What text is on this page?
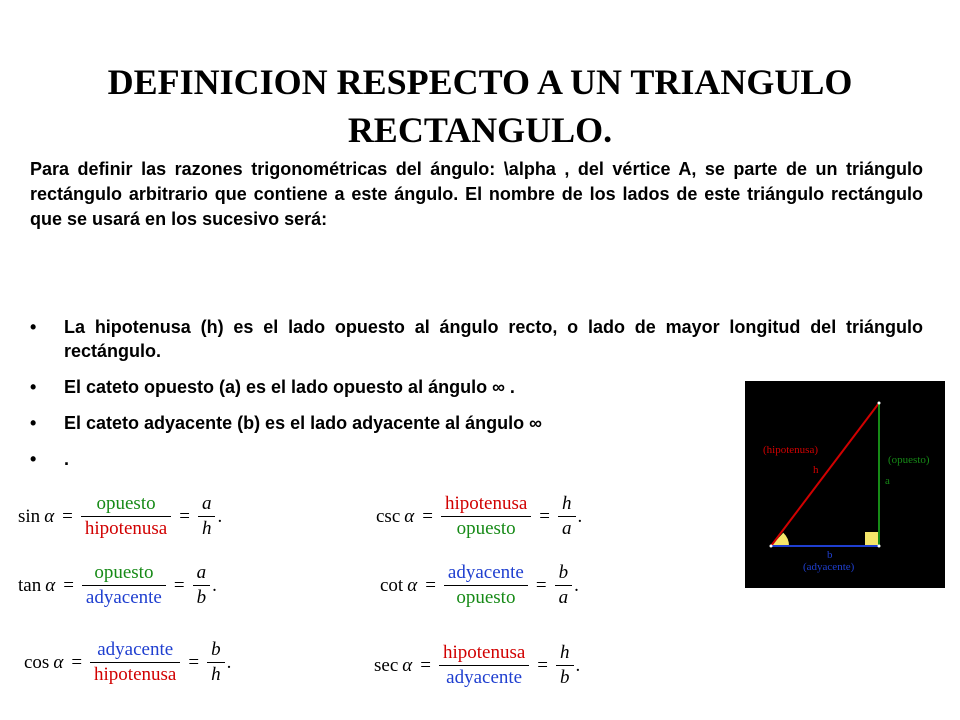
DEFINICION RESPECTO A UN TRIANGULO
RECTANGULO.
Para definir las razones trigonométricas del ángulo: \alpha , del vértice A, se parte de un triángulo rectángulo arbitrario que contiene a este ángulo. El nombre de los lados de este triángulo rectángulo que se usará en los sucesivo será:
• La hipotenusa (h) es el lado opuesto al ángulo recto, o lado de mayor longitud del triángulo rectángulo.
• El cateto opuesto (a) es el lado opuesto al ángulo ∞ .
• El cateto adyacente (b) es el lado adyacente al ángulo ∞
• .
$\sin \alpha = \frac{\text{opuesto}}{\text{hipotenusa}} = \frac{a}{h}$ .
$\tan \alpha = \frac{\text{opuesto}}{\text{adyacente}} = \frac{a}{b}$ .
$\cos \alpha = \frac{\text{adyacente}}{\text{hipotenusa}} = \frac{b}{h}$ .
$\csc \alpha = \frac{\text{hipotenusa}}{\text{opuesto}} = \frac{h}{a}$ .
$\cot \alpha = \frac{\text{adyacente}}{\text{opuesto}} = \frac{b}{a}$ .
$\sec \alpha = \frac{\text{hipotenusa}}{\text{adyacente}} = \frac{h}{b}$ .
(hipotenusa)
h
(opuesto)
a
b
(adyacente)
